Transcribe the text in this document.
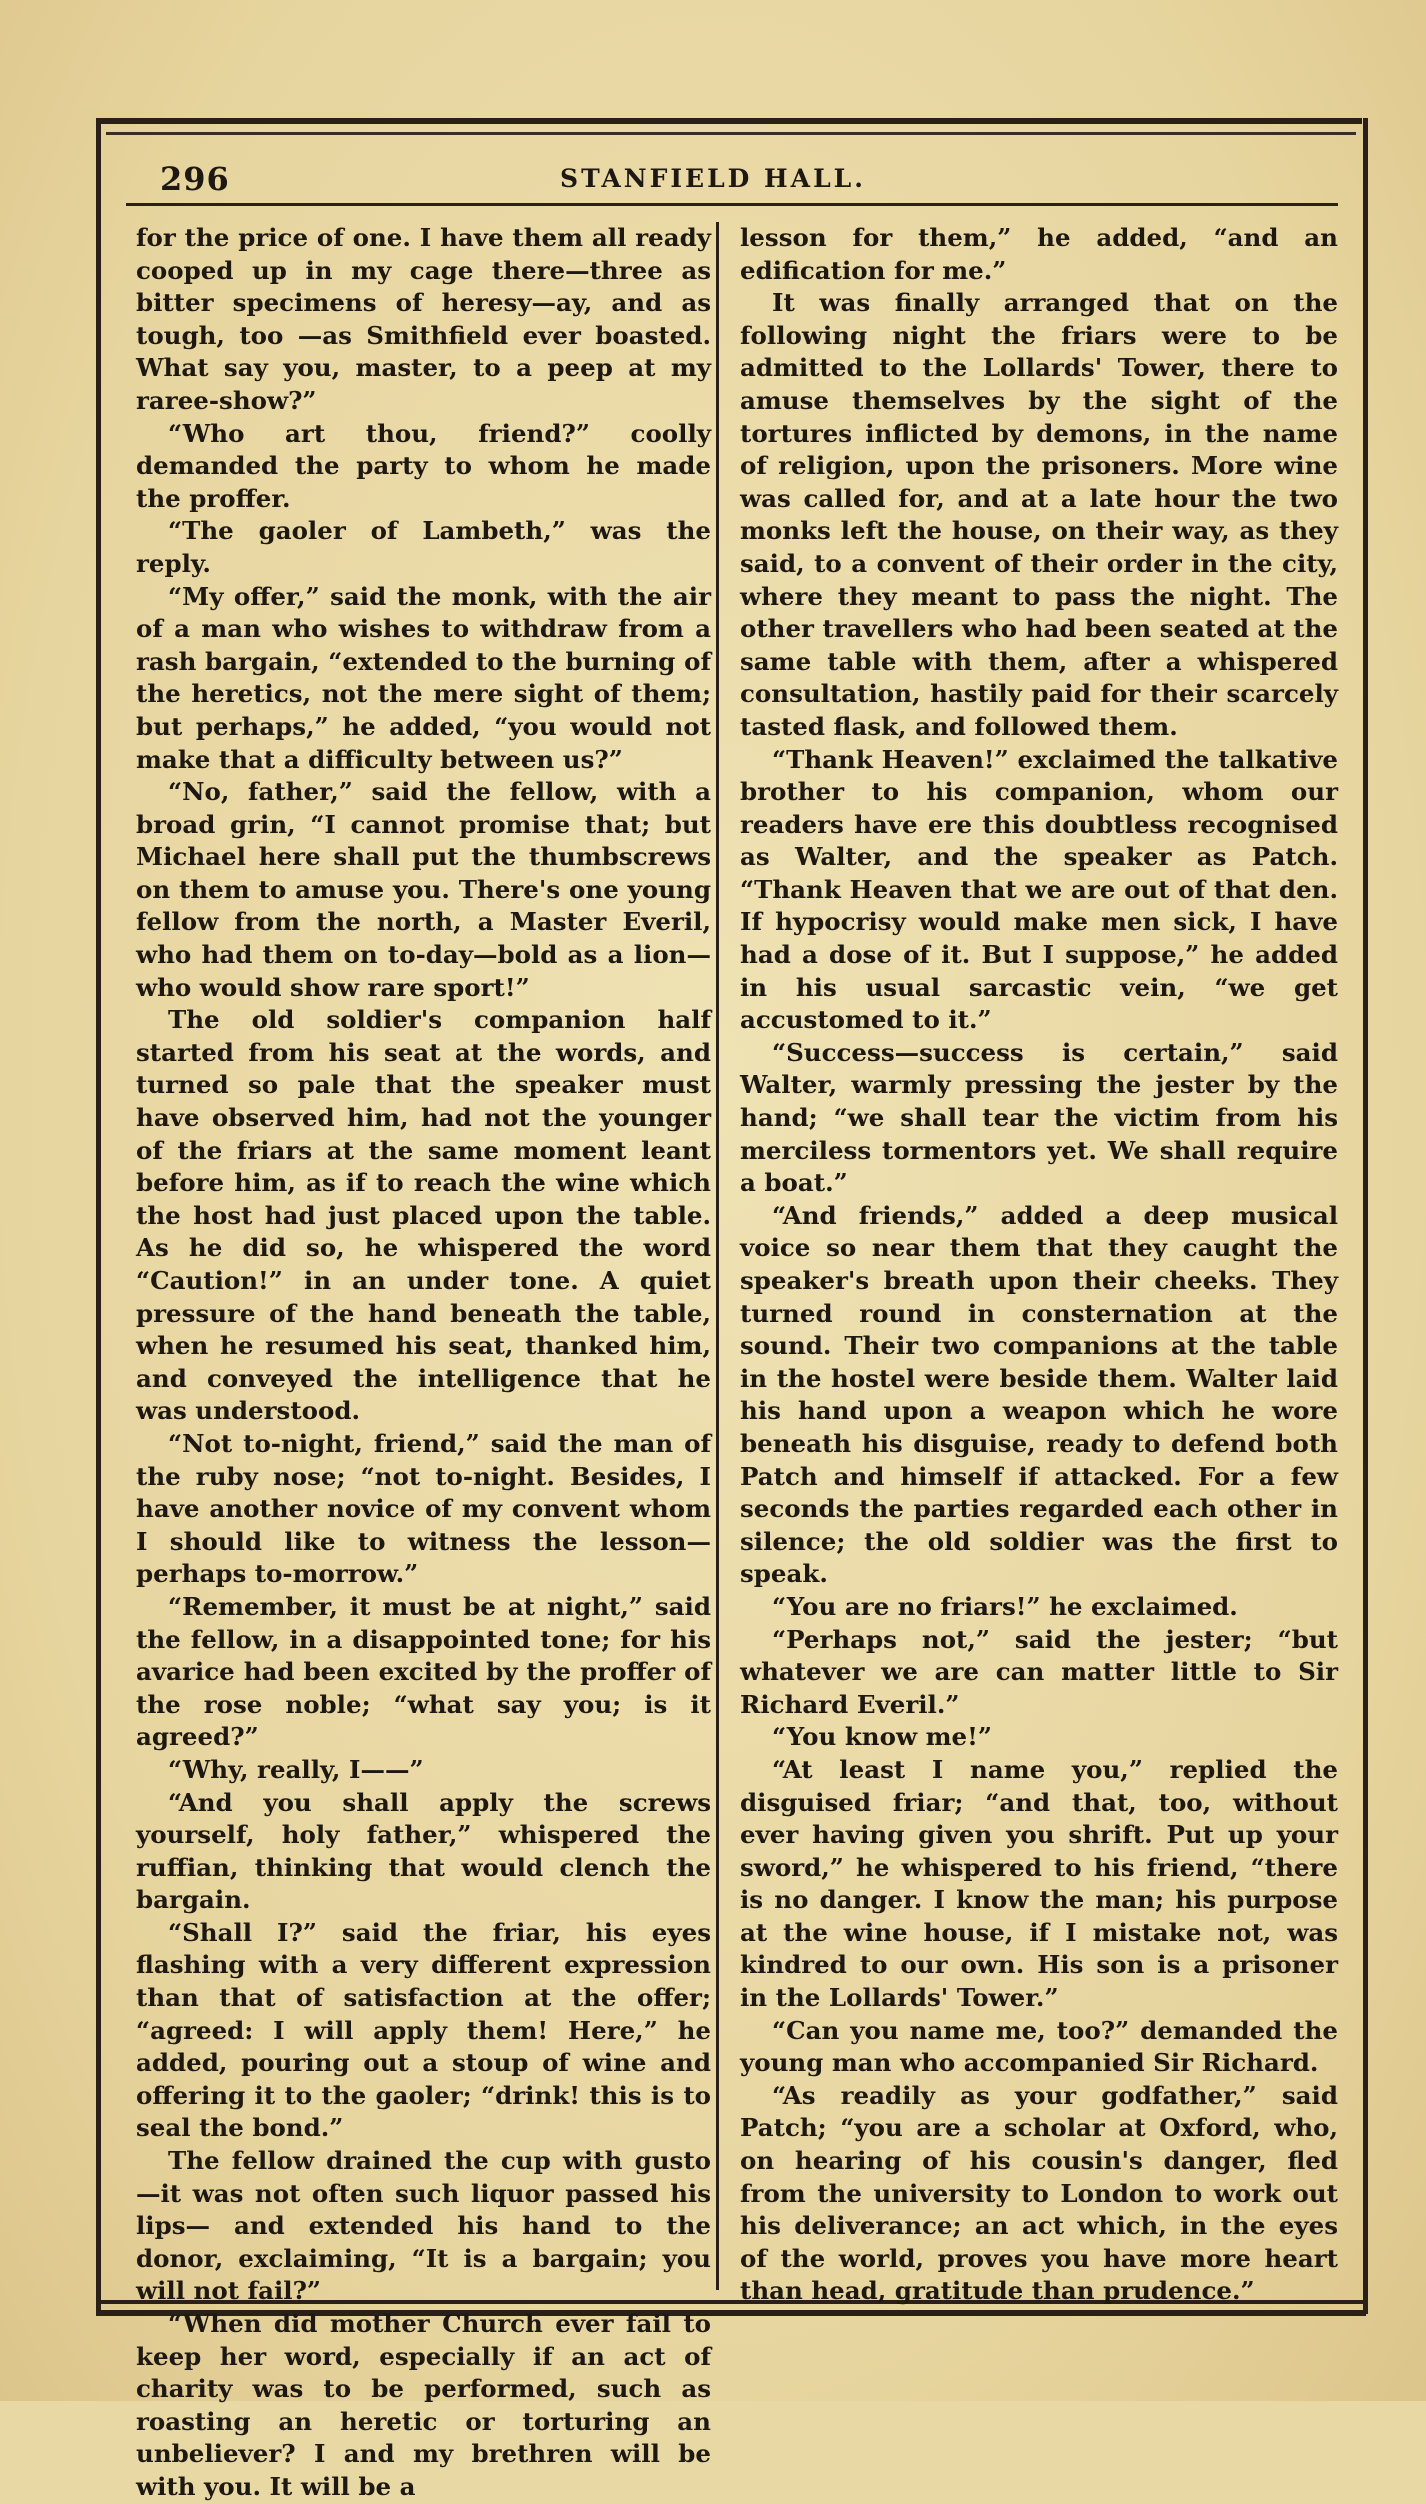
296	STANFIELD HALL.

for the price of one. I have them all ready cooped up in my cage there—three as bitter specimens of heresy—ay, and as tough, too —as Smithfield ever boasted. What say you, master, to a peep at my raree-show?”

“Who art thou, friend?” coolly demanded the party to whom he made the proffer.

“The gaoler of Lambeth,” was the reply.

“My offer,” said the monk, with the air of a man who wishes to withdraw from a rash bargain, “extended to the burning of the heretics, not the mere sight of them; but perhaps,” he added, “you would not make that a difficulty between us?”

“No, father,” said the fellow, with a broad grin, “I cannot promise that; but Michael here shall put the thumbscrews on them to amuse you. There's one young fellow from the north, a Master Everil, who had them on to-day—bold as a lion—who would show rare sport!”

The old soldier's companion half started from his seat at the words, and turned so pale that the speaker must have observed him, had not the younger of the friars at the same moment leant before him, as if to reach the wine which the host had just placed upon the table. As he did so, he whispered the word “Caution!” in an under tone. A quiet pressure of the hand beneath the table, when he resumed his seat, thanked him, and conveyed the intelligence that he was understood.

“Not to-night, friend,” said the man of the ruby nose; “not to-night. Besides, I have another novice of my convent whom I should like to witness the lesson—perhaps to-morrow.”

“Remember, it must be at night,” said the fellow, in a disappointed tone; for his avarice had been excited by the proffer of the rose noble; “what say you; is it agreed?”

“Why, really, I——”

“And you shall apply the screws yourself, holy father,” whispered the ruffian, thinking that would clench the bargain.

“Shall I?” said the friar, his eyes flashing with a very different expression than that of satisfaction at the offer; “agreed: I will apply them! Here,” he added, pouring out a stoup of wine and offering it to the gaoler; “drink! this is to seal the bond.”

The fellow drained the cup with gusto—it was not often such liquor passed his lips— and extended his hand to the donor, exclaiming, “It is a bargain; you will not fail?”

“When did mother Church ever fail to keep her word, especially if an act of charity was to be performed, such as roasting an heretic or torturing an unbeliever? I and my brethren will be with you. It will be a

lesson for them,” he added, “and an edification for me.”

It was finally arranged that on the following night the friars were to be admitted to the Lollards' Tower, there to amuse themselves by the sight of the tortures inflicted by demons, in the name of religion, upon the prisoners. More wine was called for, and at a late hour the two monks left the house, on their way, as they said, to a convent of their order in the city, where they meant to pass the night. The other travellers who had been seated at the same table with them, after a whispered consultation, hastily paid for their scarcely tasted flask, and followed them.

“Thank Heaven!” exclaimed the talkative brother to his companion, whom our readers have ere this doubtless recognised as Walter, and the speaker as Patch. “Thank Heaven that we are out of that den. If hypocrisy would make men sick, I have had a dose of it. But I suppose,” he added in his usual sarcastic vein, “we get accustomed to it.”

“Success—success is certain,” said Walter, warmly pressing the jester by the hand; “we shall tear the victim from his merciless tormentors yet. We shall require a boat.”

“And friends,” added a deep musical voice so near them that they caught the speaker's breath upon their cheeks. They turned round in consternation at the sound. Their two companions at the table in the hostel were beside them. Walter laid his hand upon a weapon which he wore beneath his disguise, ready to defend both Patch and himself if attacked. For a few seconds the parties regarded each other in silence; the old soldier was the first to speak.

“You are no friars!” he exclaimed.

“Perhaps not,” said the jester; “but whatever we are can matter little to Sir Richard Everil.”

“You know me!”

“At least I name you,” replied the disguised friar; “and that, too, without ever having given you shrift. Put up your sword,” he whispered to his friend, “there is no danger. I know the man; his purpose at the wine house, if I mistake not, was kindred to our own. His son is a prisoner in the Lollards' Tower.”

“Can you name me, too?” demanded the young man who accompanied Sir Richard.

“As readily as your godfather,” said Patch; “you are a scholar at Oxford, who, on hearing of his cousin's danger, fled from the university to London to work out his deliverance; an act which, in the eyes of the world, proves you have more heart than head, gratitude than prudence.”
